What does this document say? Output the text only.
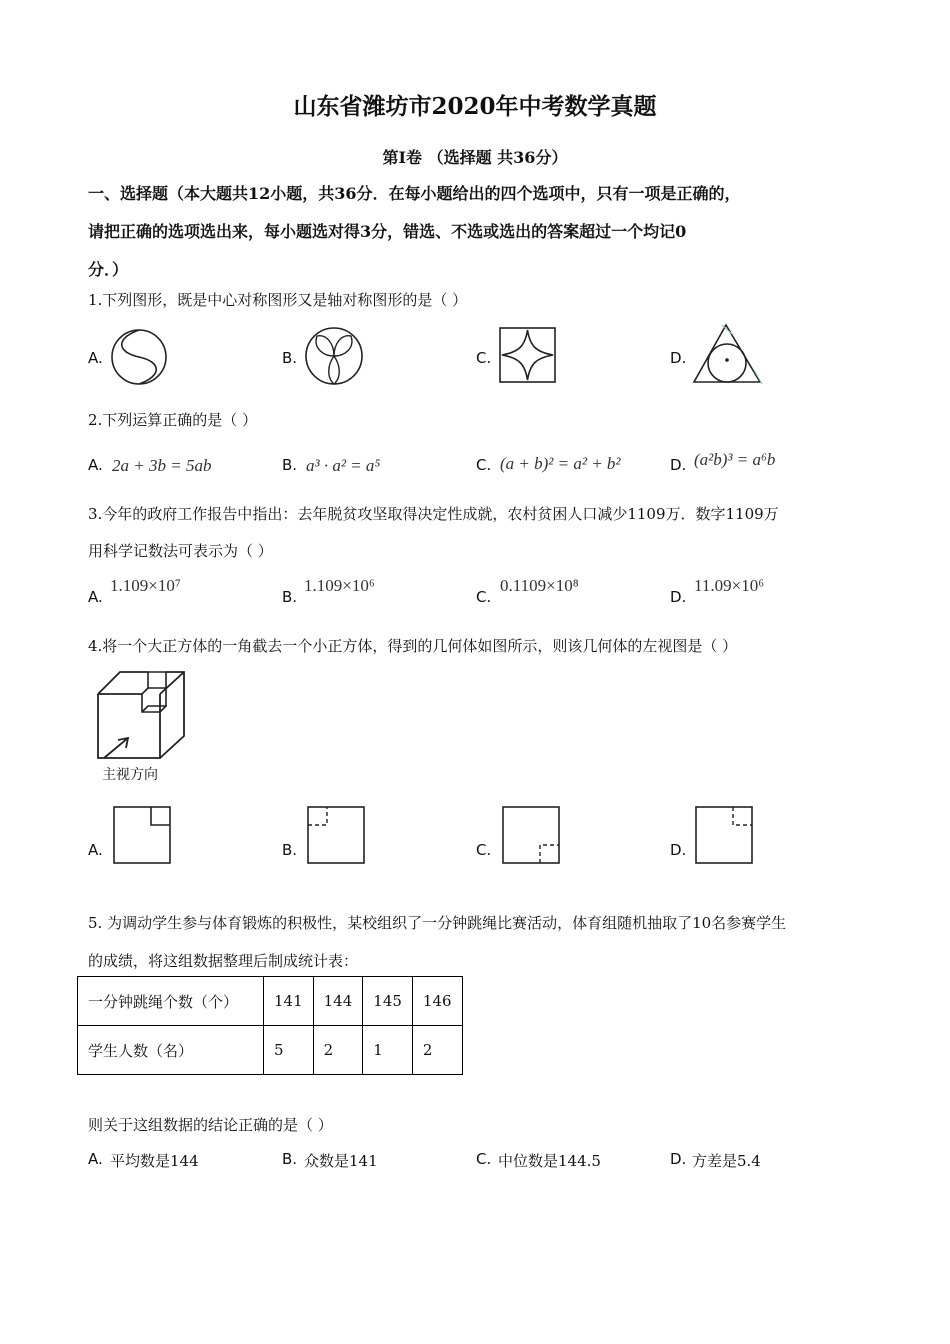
山东省潍坊市2020年中考数学真题
第Ⅰ卷 （选择题 共36分）
一、选择题（本大题共12小题，共36分．在每小题给出的四个选项中，只有一项是正确的，
请把正确的选项选出来，每小题选对得3分，错选、不选或选出的答案超过一个均记0
分．）
1.下列图形，既是中心对称图形又是轴对称图形的是（ ）
A.	B.	C.	D.
2.下列运算正确的是（ ）
A. 2a + 3b = 5ab	B. a³ · a² = a⁵	C. (a + b)² = a² + b²	D. (a²b)³ = a⁶b
3.今年的政府工作报告中指出：去年脱贫攻坚取得决定性成就，农村贫困人口减少1109万．数字1109万
用科学记数法可表示为（ ）
A.
1.109×10⁷
B.
1.109×10⁶
C.
0.1109×10⁸
D.
11.09×10⁶
4.将一个大正方体的一角截去一个小正方体，得到的几何体如图所示，则该几何体的左视图是（ ）
主视方向
A.	B.	C.	D.
5. 为调动学生参与体育锻炼的积极性，某校组织了一分钟跳绳比赛活动，体育组随机抽取了10名参赛学生
的成绩，将这组数据整理后制成统计表：
一分钟跳绳个数（个）	141	144	145	146
学生人数（名）	5	2	1	2
则关于这组数据的结论正确的是（ ）
A. 平均数是144	B. 众数是141	C. 中位数是144.5	D. 方差是5.4
